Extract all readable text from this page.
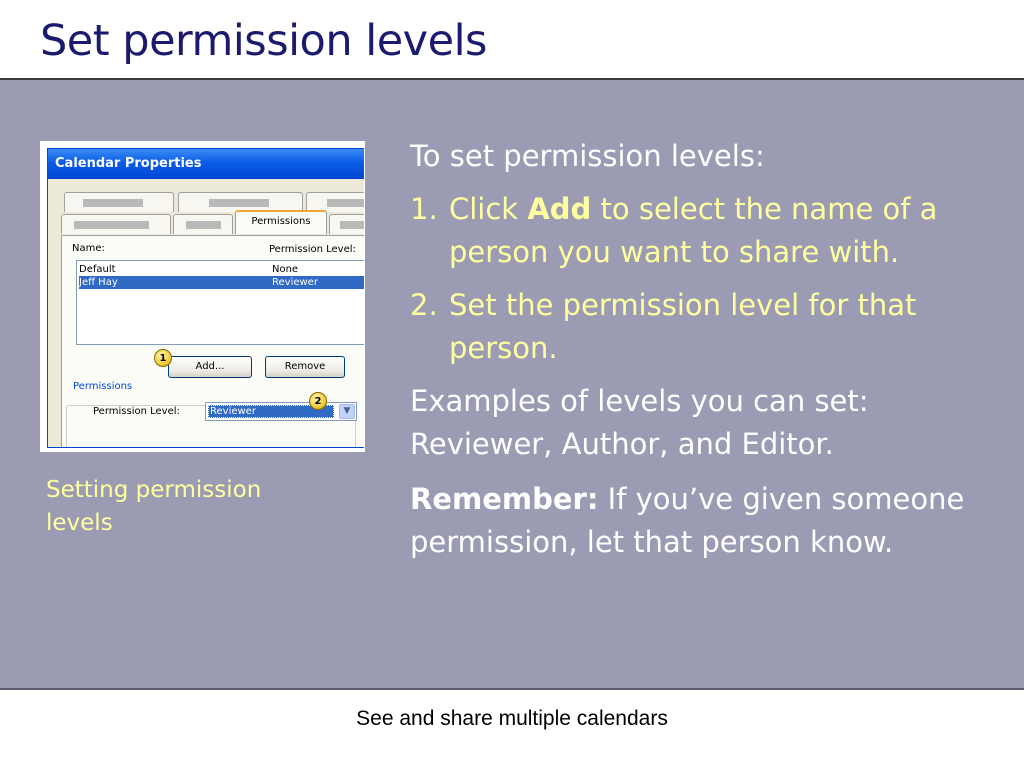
Set permission levels
Calendar Properties
Permissions
Name:	Permission Level:
Default	None
Jeff Hay	Reviewer
1
Add...	Remove
Permissions
Permission Level:
2
Reviewer	▼

Setting permission levels

To set permission levels:

1. Click Add to select the name of a person you want to share with.
2. Set the permission level for that person.

Examples of levels you can set: Reviewer, Author, and Editor.

Remember: If you’ve given someone permission, let that person know.

See and share multiple calendars
